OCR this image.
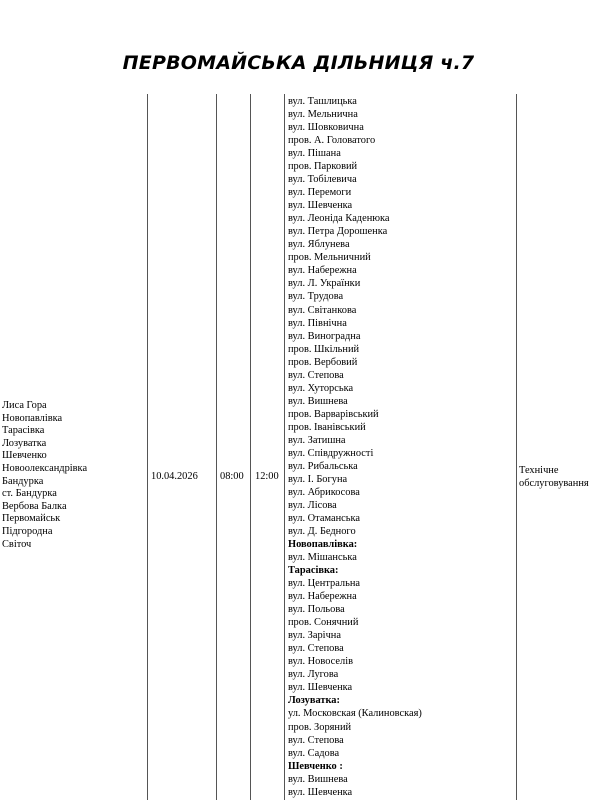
ПЕРВОМАЙСЬКА ДІЛЬНИЦЯ ч.7
Лиса Гора
Новопавлівка
Тарасівка
Лозуватка
Шевченко
Новоолександрівка
Бандурка
ст. Бандурка
Вербова Балка
Первомайськ
Підгородна
Світоч
10.04.2026 08:00 12:00
Технічне обслуговування
вул. Ташлицька
вул. Мельнична
вул. Шовковична
пров. А. Головатого
вул. Пішана
пров. Парковий
вул. Тобілевича
вул. Перемоги
вул. Шевченка
вул. Леоніда Каденюка
вул. Петра Дорошенка
вул. Яблунева
пров. Мельничний
вул. Набережна
вул. Л. Українки
вул. Трудова
вул. Світанкова
вул. Північна
вул. Виноградна
пров. Шкільний
пров. Вербовий
вул. Степова
вул. Хуторська
вул. Вишнева
пров. Варварівський
пров. Іванівський
вул. Затишна
вул. Співдружності
вул. Рибальська
вул. І. Богуна
вул. Абрикосова
вул. Лісова
вул. Отаманська
вул. Д. Бедного
Новопавлівка:
вул. Мішанська
Тарасівка:
вул. Центральна
вул. Набережна
вул. Польова
пров. Сонячний
вул. Зарічна
вул. Степова
вул. Новоселів
вул. Лугова
вул. Шевченка
Лозуватка:
ул. Московская (Калиновская)
пров. Зоряний
вул. Степова
вул. Садова
Шевченко :
вул. Вишнева
вул. Шевченка
